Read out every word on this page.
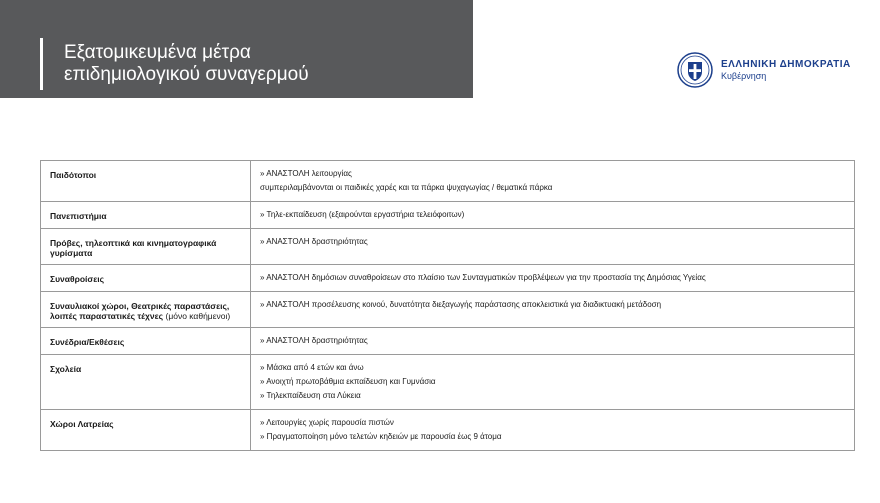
Εξατομικευμένα μέτρα
επιδημιολογικού συναγερμού	ΕΛΛΗΝΙΚΗ ΔΗΜΟΚΡΑΤΙΑ
Κυβέρνηση
Παιδότοποι	» ΑΝΑΣΤΟΛΗ λειτουργίας
συμπεριλαμβάνονται οι παιδικές χαρές και τα πάρκα ψυχαγωγίας / θεματικά πάρκα

Πανεπιστήμια	» Τηλε-εκπαίδευση (εξαιρούνται εργαστήρια τελειόφοιτων)

Πρόβες, τηλεοπτικά και κινηματογραφικά γυρίσματα	» ΑΝΑΣΤΟΛΗ δραστηριότητας

Συναθροίσεις	» ΑΝΑΣΤΟΛΗ δημόσιων συναθροίσεων στο πλαίσιο των Συνταγματικών προβλέψεων για την προστασία της Δημόσιας Υγείας

Συναυλιακοί χώροι, Θεατρικές παραστάσεις, λοιπές παραστατικές τέχνες (μόνο καθήμενοι)	» ΑΝΑΣΤΟΛΗ προσέλευσης κοινού, δυνατότητα διεξαγωγής παράστασης αποκλειστικά για διαδικτυακή μετάδοση

Συνέδρια/Εκθέσεις	» ΑΝΑΣΤΟΛΗ δραστηριότητας

Σχολεία	» Μάσκα από 4 ετών και άνω
» Ανοιχτή πρωτοβάθμια εκπαίδευση και Γυμνάσια
» Τηλεκπαίδευση στα Λύκεια

Χώροι Λατρείας	» Λειτουργίες χωρίς παρουσία πιστών
» Πραγματοποίηση μόνο τελετών κηδειών με παρουσία έως 9 άτομα
